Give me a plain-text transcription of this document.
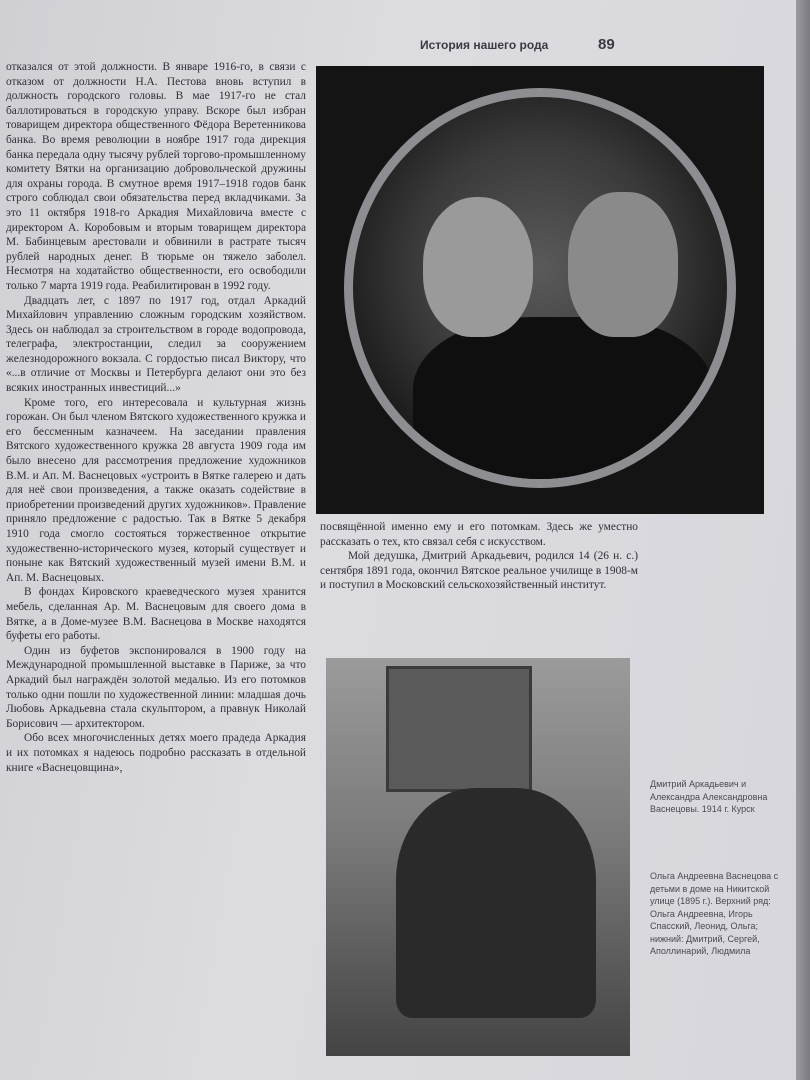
История нашего рода	89

отказался от этой должности. В январе 1916-го, в связи с отказом от должности Н.А. Пестова вновь вступил в должность городского головы. В мае 1917-го не стал баллотироваться в городскую управу. Вскоре был избран товарищем директора общественного Фёдора Веретенникова банка. Во время революции в ноябре 1917 года дирекция банка передала одну тысячу рублей торгово-промышленному комитету Вятки на организацию добровольческой дружины для охраны города. В смутное время 1917–1918 годов банк строго соблюдал свои обязательства перед вкладчиками. За это 11 октября 1918-го Аркадия Михайловича вместе с директором А. Коробовым и вторым товарищем директора М. Бабинцевым арестовали и обвинили в растрате тысяч рублей народных денег. В тюрьме он тяжело заболел. Несмотря на ходатайство общественности, его освободили только 7 марта 1919 года. Реабилитирован в 1992 году.

Двадцать лет, с 1897 по 1917 год, отдал Аркадий Михайлович управлению сложным городским хозяйством. Здесь он наблюдал за строительством в городе водопровода, телеграфа, электростанции, следил за сооружением железнодорожного вокзала. С гордостью писал Виктору, что «...в отличие от Москвы и Петербурга делают они это без всяких иностранных инвестиций...»

Кроме того, его интересовала и культурная жизнь горожан. Он был членом Вятского художественного кружка и его бессменным казначеем. На заседании правления Вятского художественного кружка 28 августа 1909 года им было внесено для рассмотрения предложение художников В.М. и Ап. М. Васнецовых «устроить в Вятке галерею и дать для неё свои произведения, а также оказать содействие в приобретении произведений других художников». Правление приняло предложение с радостью. Так в Вятке 5 декабря 1910 года смогло состояться торжественное открытие художественно-исторического музея, который существует и поныне как Вятский художественный музей имени В.М. и Ап. М. Васнецовых.

В фондах Кировского краеведческого музея хранится мебель, сделанная Ар. М. Васнецовым для своего дома в Вятке, а в Доме-музее В.М. Васнецова в Москве находятся буфеты его работы.

Один из буфетов экспонировался в 1900 году на Международной промышленной выставке в Париже, за что Аркадий был награждён золотой медалью. Из его потомков только одни пошли по художественной линии: младшая дочь Любовь Аркадьевна стала скульптором, а правнук Николай Борисович — архитектором.

Обо всех многочисленных детях моего прадеда Аркадия и их потомках я надеюсь подробно рассказать в отдельной книге «Васнецовщина»,

посвящённой именно ему и его потомкам. Здесь же уместно рассказать о тех, кто связал себя с искусством.

Мой дедушка, Дмитрий Аркадьевич, родился 14 (26 н. с.) сентября 1891 года, окончил Вятское реальное училище в 1908-м и поступил в Московский сельскохозяйственный институт.

Дмитрий Аркадьевич и Александра Александровна Васнецовы. 1914 г. Курск

Ольга Андреевна Васнецова с детьми в доме на Никитской улице (1895 г.). Верхний ряд: Ольга Андреевна, Игорь Спасский, Леонид, Ольга; нижний: Дмитрий, Сергей, Аполлинарий, Людмила
